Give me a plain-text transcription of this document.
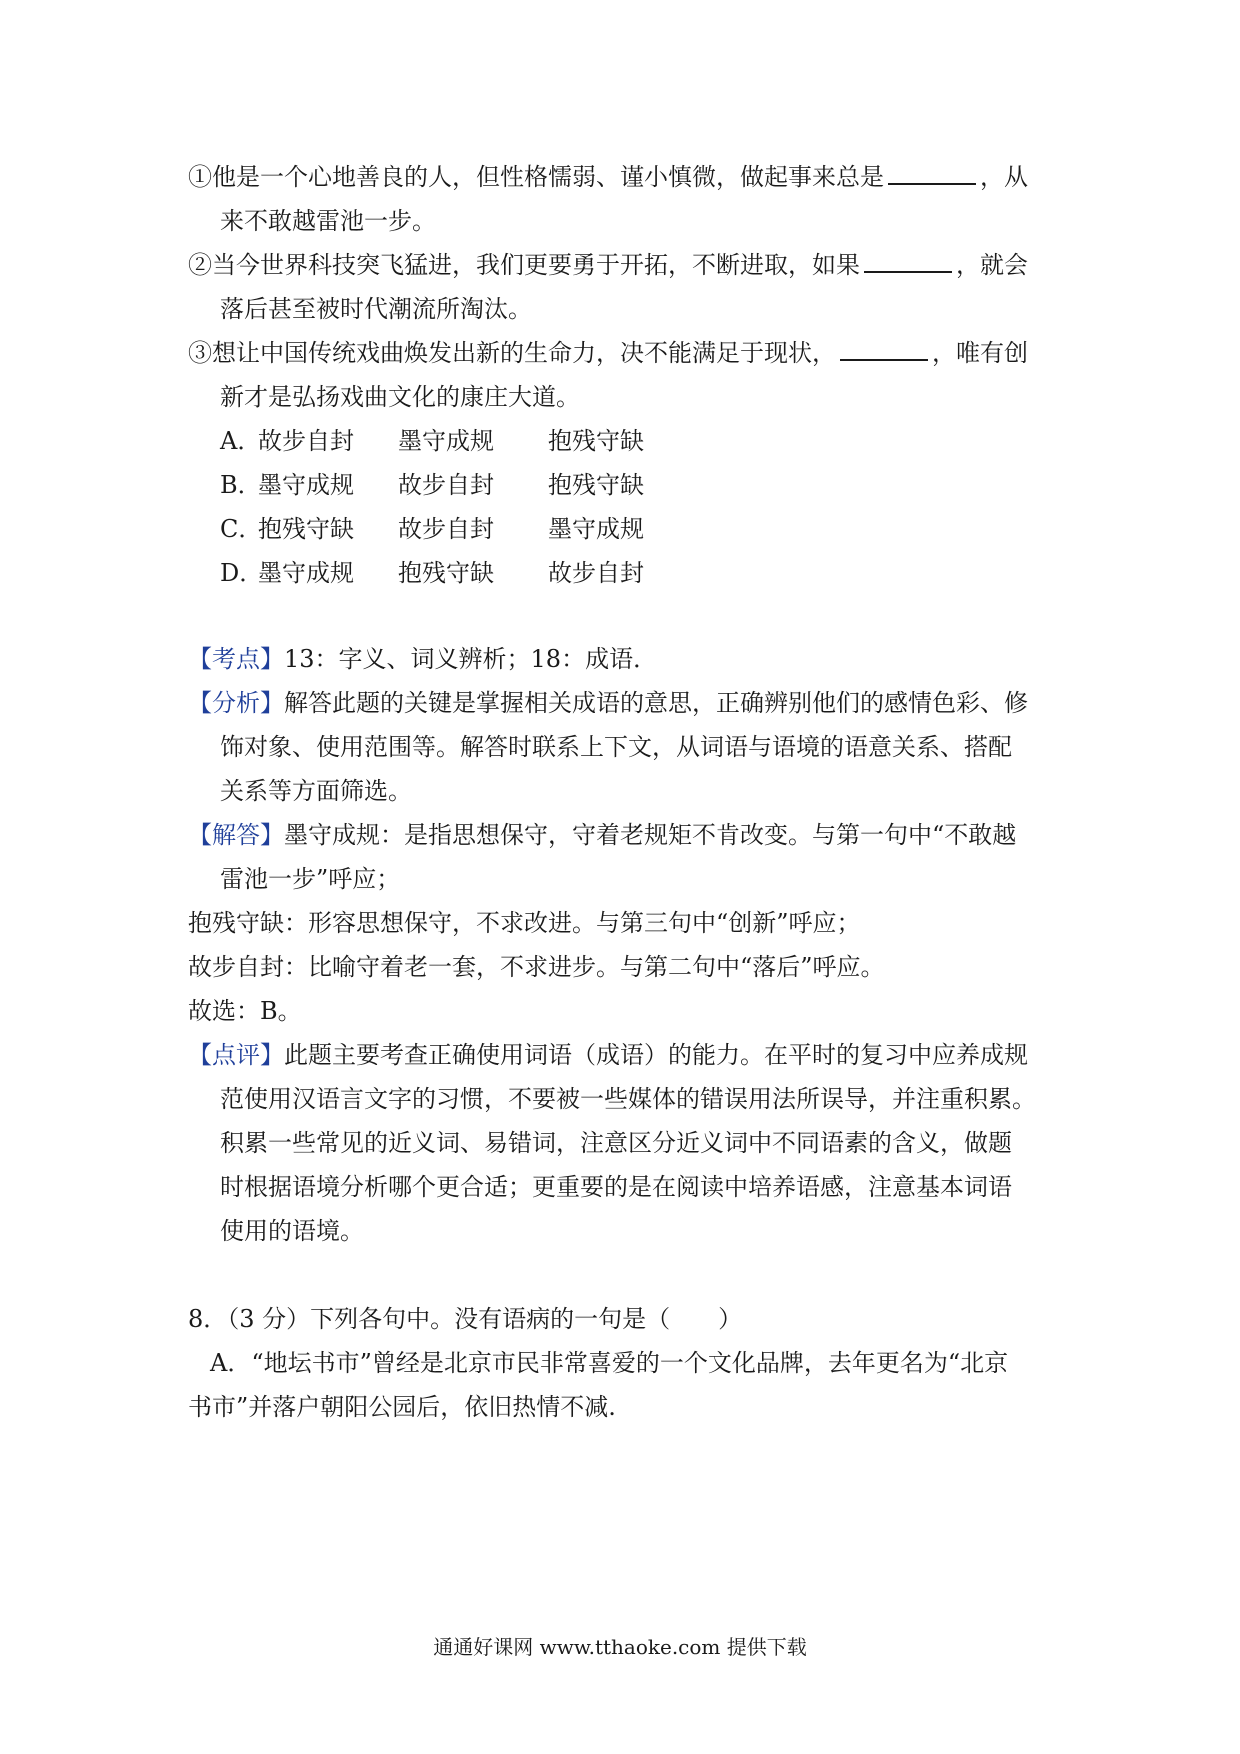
①他是一个心地善良的人，但性格懦弱、谨小慎微，做起事来总是	，从
来不敢越雷池一步。
②当今世界科技突飞猛进，我们更要勇于开拓，不断进取，如果	，就会
落后甚至被时代潮流所淘汰。
③想让中国传统戏曲焕发出新的生命力，决不能满足于现状，	，唯有创
新才是弘扬戏曲文化的康庄大道。
A．故步自封 墨守成规 抱残守缺
B．墨守成规 故步自封 抱残守缺
C．抱残守缺 故步自封 墨守成规
D．墨守成规 抱残守缺 故步自封
【考点】13：字义、词义辨析；18：成语．
【分析】解答此题的关键是掌握相关成语的意思，正确辨别他们的感情色彩、修
饰对象、使用范围等。解答时联系上下文，从词语与语境的语意关系、搭配
关系等方面筛选。
【解答】墨守成规：是指思想保守，守着老规矩不肯改变。与第一句中“不敢越
雷池一步”呼应；
抱残守缺：形容思想保守，不求改进。与第三句中“创新”呼应；
故步自封：比喻守着老一套，不求进步。与第二句中“落后”呼应。
故选：B。
【点评】此题主要考查正确使用词语（成语）的能力。在平时的复习中应养成规
范使用汉语言文字的习惯，不要被一些媒体的错误用法所误导，并注重积累。
积累一些常见的近义词、易错词，注意区分近义词中不同语素的含义，做题
时根据语境分析哪个更合适；更重要的是在阅读中培养语感，注意基本词语
使用的语境。
8．（3 分）下列各句中。没有语病的一句是（　　）
A．“地坛书市”曾经是北京市民非常喜爱的一个文化品牌，去年更名为“北京
书市”并落户朝阳公园后，依旧热情不减.
通通好课网 www.tthaoke.com 提供下载
